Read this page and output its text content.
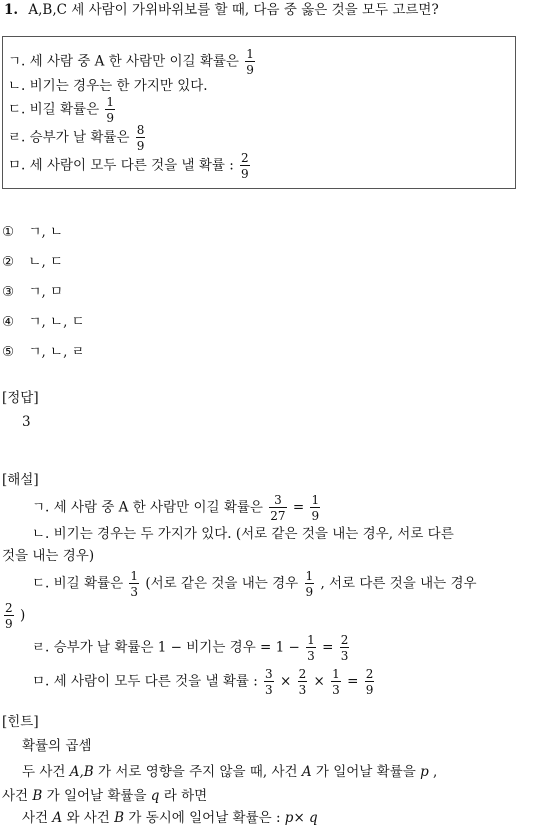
1. A,B,C 세 사람이 가위바위보를 할 때, 다음 중 옳은 것을 모두 고르면?
ㄱ. 세 사람 중 A 한 사람만 이길 확률은 $\frac{1}{9}$
ㄴ. 비기는 경우는 한 가지만 있다.
ㄷ. 비길 확률은 $\frac{1}{9}$
ㄹ. 승부가 날 확률은 $\frac{8}{9}$
ㅁ. 세 사람이 모두 다른 것을 낼 확률 : $\frac{2}{9}$
① ㄱ, ㄴ
② ㄴ, ㄷ
③ ㄱ, ㅁ
④ ㄱ, ㄴ, ㄷ
⑤ ㄱ, ㄴ, ㄹ
[정답]
3
[해설]
ㄱ. 세 사람 중 A 한 사람만 이길 확률은 $\frac{3}{27} = \frac{1}{9}$
ㄴ. 비기는 경우는 두 가지가 있다. (서로 같은 것을 내는 경우, 서로 다른
것을 내는 경우)
ㄷ. 비길 확률은 $\frac{1}{3}$ (서로 같은 것을 내는 경우 $\frac{1}{9}$ , 서로 다른 것을 내는 경우
$\frac{2}{9}$ )
ㄹ. 승부가 날 확률은 1 − 비기는 경우 = $1 - \frac{1}{3} = \frac{2}{3}$
ㅁ. 세 사람이 모두 다른 것을 낼 확률 : $\frac{3}{3} \times \frac{2}{3} \times \frac{1}{3} = \frac{2}{9}$
[힌트]
확률의 곱셈
두 사건 A,B 가 서로 영향을 주지 않을 때, 사건 A 가 일어날 확률을 p ,
사건 B 가 일어날 확률을 q 라 하면
사건 A 와 사건 B 가 동시에 일어날 확률은 : p× q
